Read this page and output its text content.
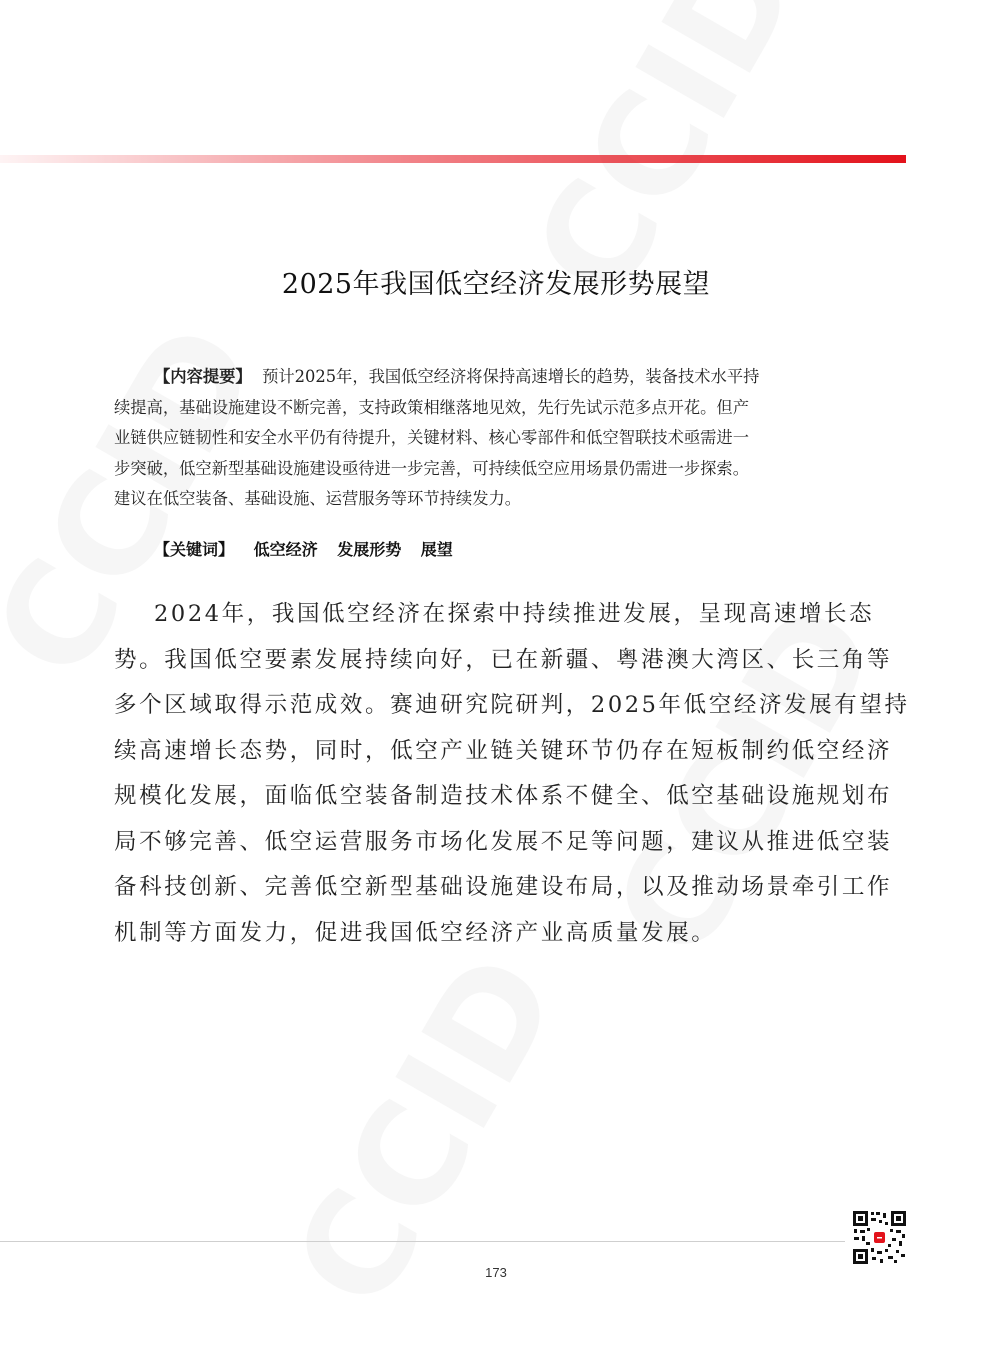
2025年我国低空经济发展形势展望
【内容提要】 预计2025年，我国低空经济将保持高速增长的趋势，装备技术水平持
续提高，基础设施建设不断完善，支持政策相继落地见效，先行先试示范多点开花。但产
业链供应链韧性和安全水平仍有待提升，关键材料、核心零部件和低空智联技术亟需进一
步突破，低空新型基础设施建设亟待进一步完善，可持续低空应用场景仍需进一步探索。
建议在低空装备、基础设施、运营服务等环节持续发力。
【关键词】 低空经济 发展形势 展望
2024年，我国低空经济在探索中持续推进发展，呈现高速增长态
势。我国低空要素发展持续向好，已在新疆、粤港澳大湾区、长三角等
多个区域取得示范成效。赛迪研究院研判，2025年低空经济发展有望持
续高速增长态势，同时，低空产业链关键环节仍存在短板制约低空经济
规模化发展，面临低空装备制造技术体系不健全、低空基础设施规划布
局不够完善、低空运营服务市场化发展不足等问题，建议从推进低空装
备科技创新、完善低空新型基础设施建设布局，以及推动场景牵引工作
机制等方面发力，促进我国低空经济产业高质量发展。
173
